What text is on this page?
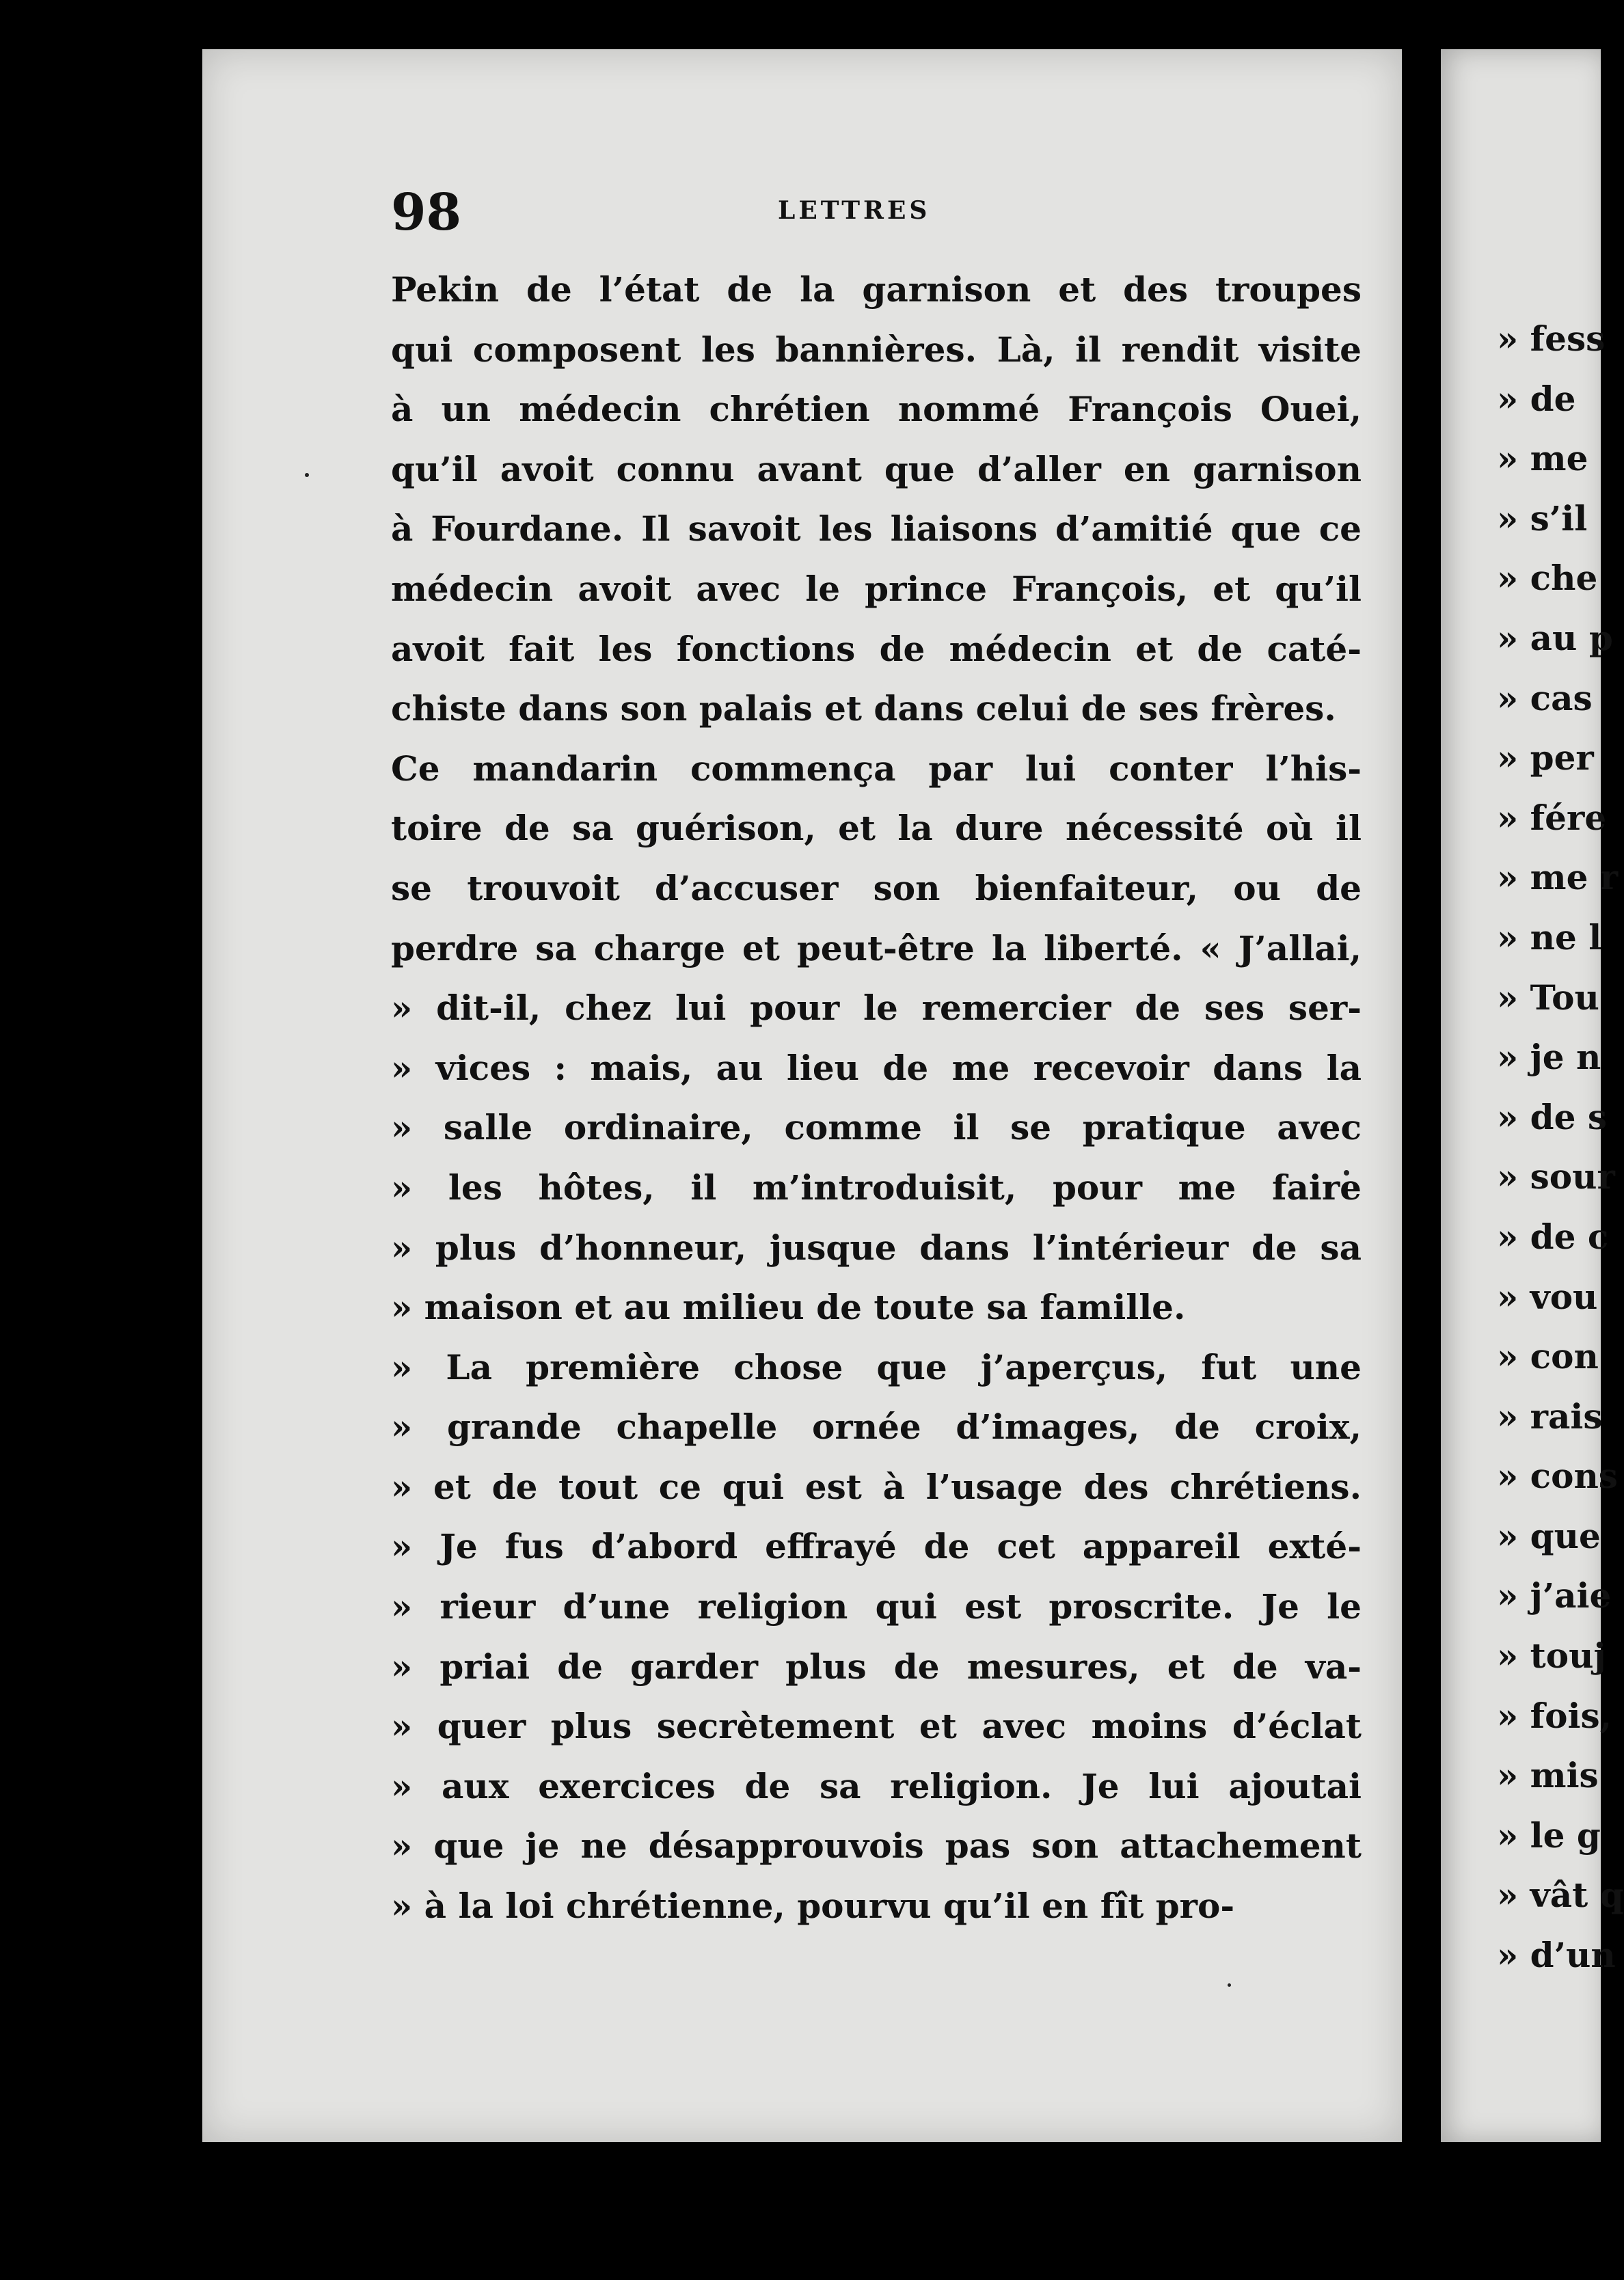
» fess
» de
» me
» s’il
» che
» au p
» cas
» per
» fére
» me r
» ne l
» Tou
» je n
» de s
» sour
» de c
» vou
» con
» rais
» cons
» que
» j’aie
» touj
» fois,
» mis
» le g
» vât q
» d’un
98	LETTRES
Pekin de l’état de la garnison et des troupes
qui composent les bannières. Là, il rendit visite
à un médecin chrétien nommé François Ouei,
qu’il avoit connu avant que d’aller en garnison
à Fourdane. Il savoit les liaisons d’amitié que ce
médecin avoit avec le prince François, et qu’il
avoit fait les fonctions de médecin et de caté-
chiste dans son palais et dans celui de ses frères.
Ce mandarin commença par lui conter l’his-
toire de sa guérison, et la dure nécessité où il
se trouvoit d’accuser son bienfaiteur, ou de
perdre sa charge et peut-être la liberté. « J’allai,
» dit-il, chez lui pour le remercier de ses ser-
» vices : mais, au lieu de me recevoir dans la
» salle ordinaire, comme il se pratique avec
» les hôtes, il m’introduisit, pour me faire
» plus d’honneur, jusque dans l’intérieur de sa
» maison et au milieu de toute sa famille.
» La première chose que j’aperçus, fut une
» grande chapelle ornée d’images, de croix,
» et de tout ce qui est à l’usage des chrétiens.
» Je fus d’abord effrayé de cet appareil exté-
» rieur d’une religion qui est proscrite. Je le
» priai de garder plus de mesures, et de va-
» quer plus secrètement et avec moins d’éclat
» aux exercices de sa religion. Je lui ajoutai
» que je ne désapprouvois pas son attachement
» à la loi chrétienne, pourvu qu’il en fît pro-
